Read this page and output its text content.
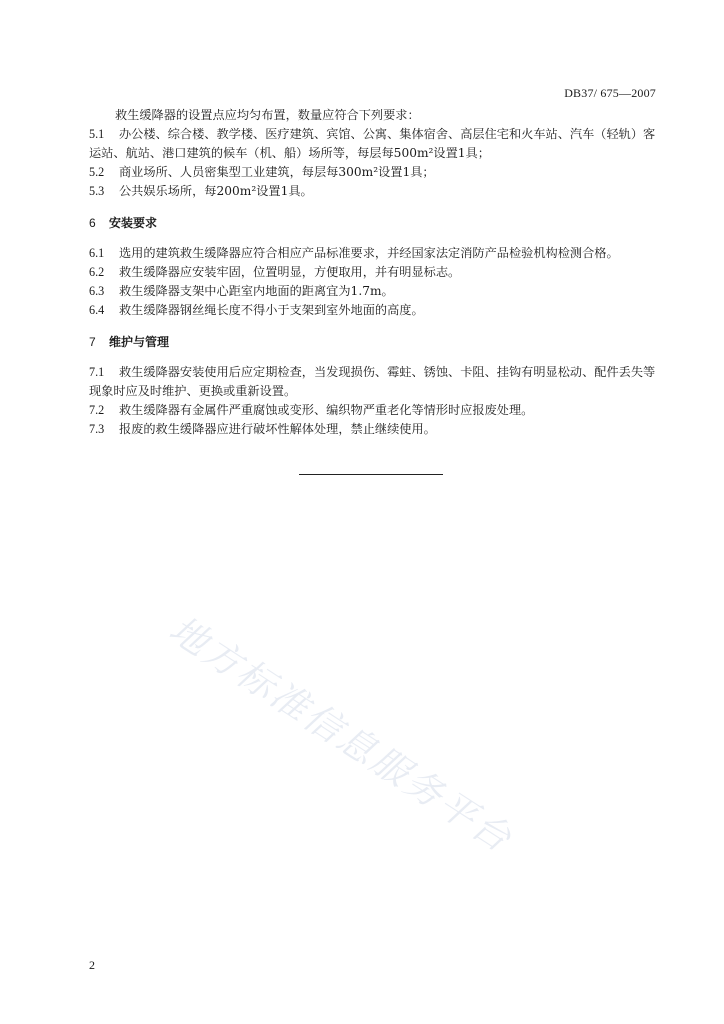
DB37/ 675—2007

救生缓降器的设置点应均匀布置，数量应符合下列要求：

5.1 办公楼、综合楼、教学楼、医疗建筑、宾馆、公寓、集体宿舍、高层住宅和火车站、汽车（轻轨）客运站、航站、港口建筑的候车（机、船）场所等，每层每500m²设置1具；

5.2 商业场所、人员密集型工业建筑，每层每300m²设置1具；

5.3 公共娱乐场所，每200m²设置1具。

6 安装要求

6.1 选用的建筑救生缓降器应符合相应产品标准要求，并经国家法定消防产品检验机构检测合格。

6.2 救生缓降器应安装牢固，位置明显，方便取用，并有明显标志。

6.3 救生缓降器支架中心距室内地面的距离宜为1.7m。

6.4 救生缓降器钢丝绳长度不得小于支架到室外地面的高度。

7 维护与管理

7.1 救生缓降器安装使用后应定期检查，当发现损伤、霉蛀、锈蚀、卡阻、挂钩有明显松动、配件丢失等现象时应及时维护、更换或重新设置。

7.2 救生缓降器有金属件严重腐蚀或变形、编织物严重老化等情形时应报废处理。

7.3 报废的救生缓降器应进行破坏性解体处理，禁止继续使用。

地方标准信息服务平台
2
